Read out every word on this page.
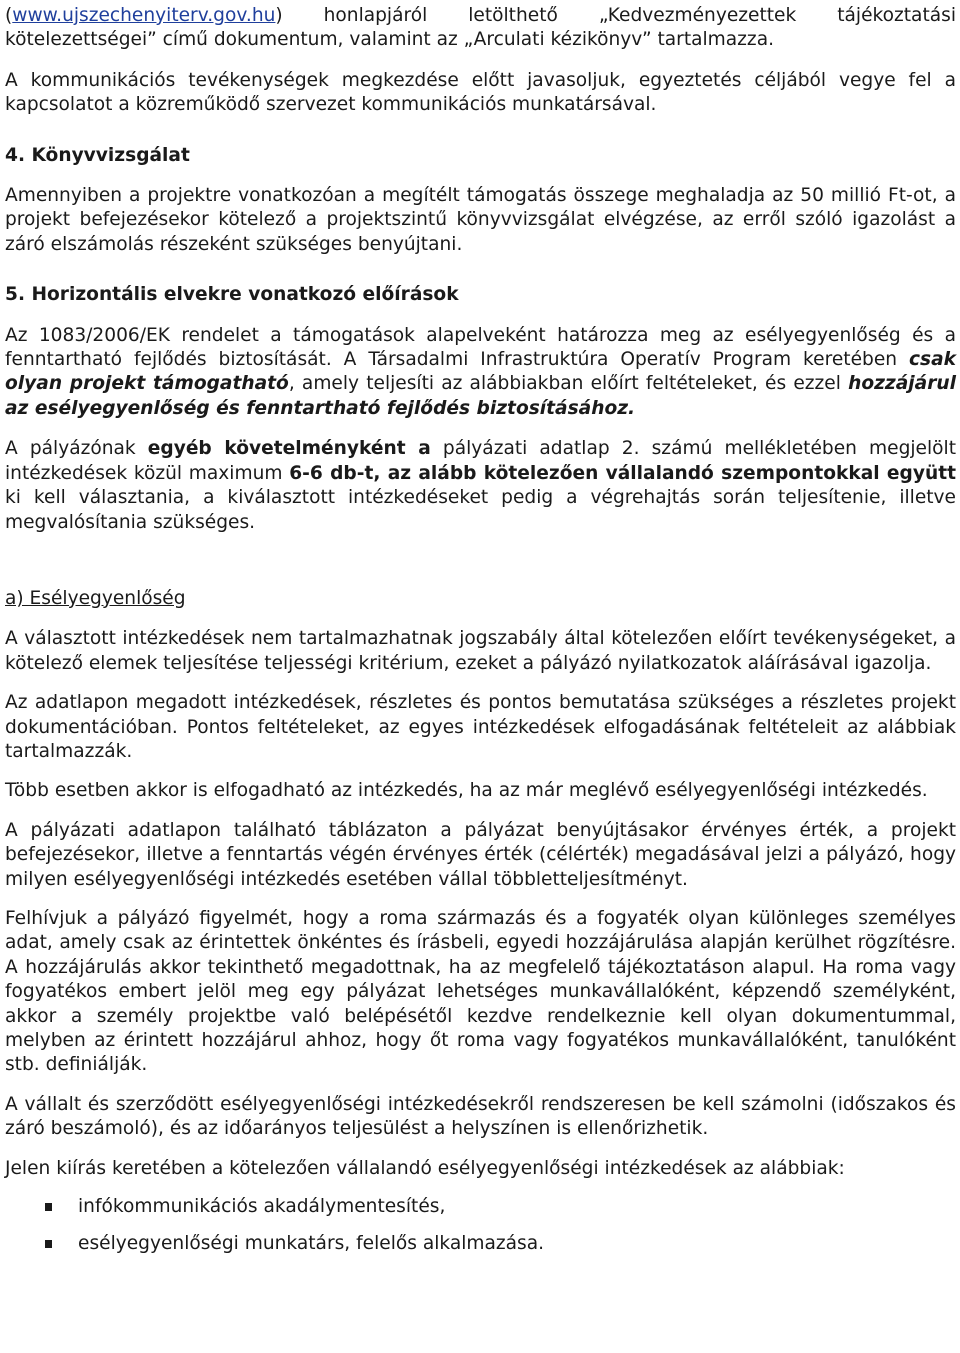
(www.ujszechenyiterv.gov.hu) honlapjáról letölthető „Kedvezményezettek tájékoztatási kötelezettségei” című dokumentum, valamint az „Arculati kézikönyv” tartalmazza.

A kommunikációs tevékenységek megkezdése előtt javasoljuk, egyeztetés céljából vegye fel a kapcsolatot a közreműködő szervezet kommunikációs munkatársával.

4. Könyvvizsgálat

Amennyiben a projektre vonatkozóan a megítélt támogatás összege meghaladja az 50 millió Ft-ot, a projekt befejezésekor kötelező a projektszintű könyvvizsgálat elvégzése, az erről szóló igazolást a záró elszámolás részeként szükséges benyújtani.

5. Horizontális elvekre vonatkozó előírások

Az 1083/2006/EK rendelet a támogatások alapelveként határozza meg az esélyegyenlőség és a fenntartható fejlődés biztosítását. A Társadalmi Infrastruktúra Operatív Program keretében csak olyan projekt támogatható, amely teljesíti az alábbiakban előírt feltételeket, és ezzel hozzájárul az esélyegyenlőség és fenntartható fejlődés biztosításához.

A pályázónak egyéb követelményként a pályázati adatlap 2. számú mellékletében megjelölt intézkedések közül maximum 6-6 db-t, az alább kötelezően vállalandó szempontokkal együtt ki kell választania, a kiválasztott intézkedéseket pedig a végrehajtás során teljesítenie, illetve megvalósítania szükséges.

a) Esélyegyenlőség

A választott intézkedések nem tartalmazhatnak jogszabály által kötelezően előírt tevékenységeket, a kötelező elemek teljesítése teljességi kritérium, ezeket a pályázó nyilatkozatok aláírásával igazolja.

Az adatlapon megadott intézkedések, részletes és pontos bemutatása szükséges a részletes projekt dokumentációban. Pontos feltételeket, az egyes intézkedések elfogadásának feltételeit az alábbiak tartalmazzák.

Több esetben akkor is elfogadható az intézkedés, ha az már meglévő esélyegyenlőségi intézkedés.

A pályázati adatlapon található táblázaton a pályázat benyújtásakor érvényes érték, a projekt befejezésekor, illetve a fenntartás végén érvényes érték (célérték) megadásával jelzi a pályázó, hogy milyen esélyegyenlőségi intézkedés esetében vállal többletteljesítményt.

Felhívjuk a pályázó figyelmét, hogy a roma származás és a fogyaték olyan különleges személyes adat, amely csak az érintettek önkéntes és írásbeli, egyedi hozzájárulása alapján kerülhet rögzítésre. A hozzájárulás akkor tekinthető megadottnak, ha az megfelelő tájékoztatáson alapul. Ha roma vagy fogyatékos embert jelöl meg egy pályázat lehetséges munkavállalóként, képzendő személyként, akkor a személy projektbe való belépésétől kezdve rendelkeznie kell olyan dokumentummal, melyben az érintett hozzájárul ahhoz, hogy őt roma vagy fogyatékos munkavállalóként, tanulóként stb. definiálják.

A vállalt és szerződött esélyegyenlőségi intézkedésekről rendszeresen be kell számolni (időszakos és záró beszámoló), és az időarányos teljesülést a helyszínen is ellenőrizhetik.

Jelen kiírás keretében a kötelezően vállalandó esélyegyenlőségi intézkedések az alábbiak:

infókommunikációs akadálymentesítés,
esélyegyenlőségi munkatárs, felelős alkalmazása.
